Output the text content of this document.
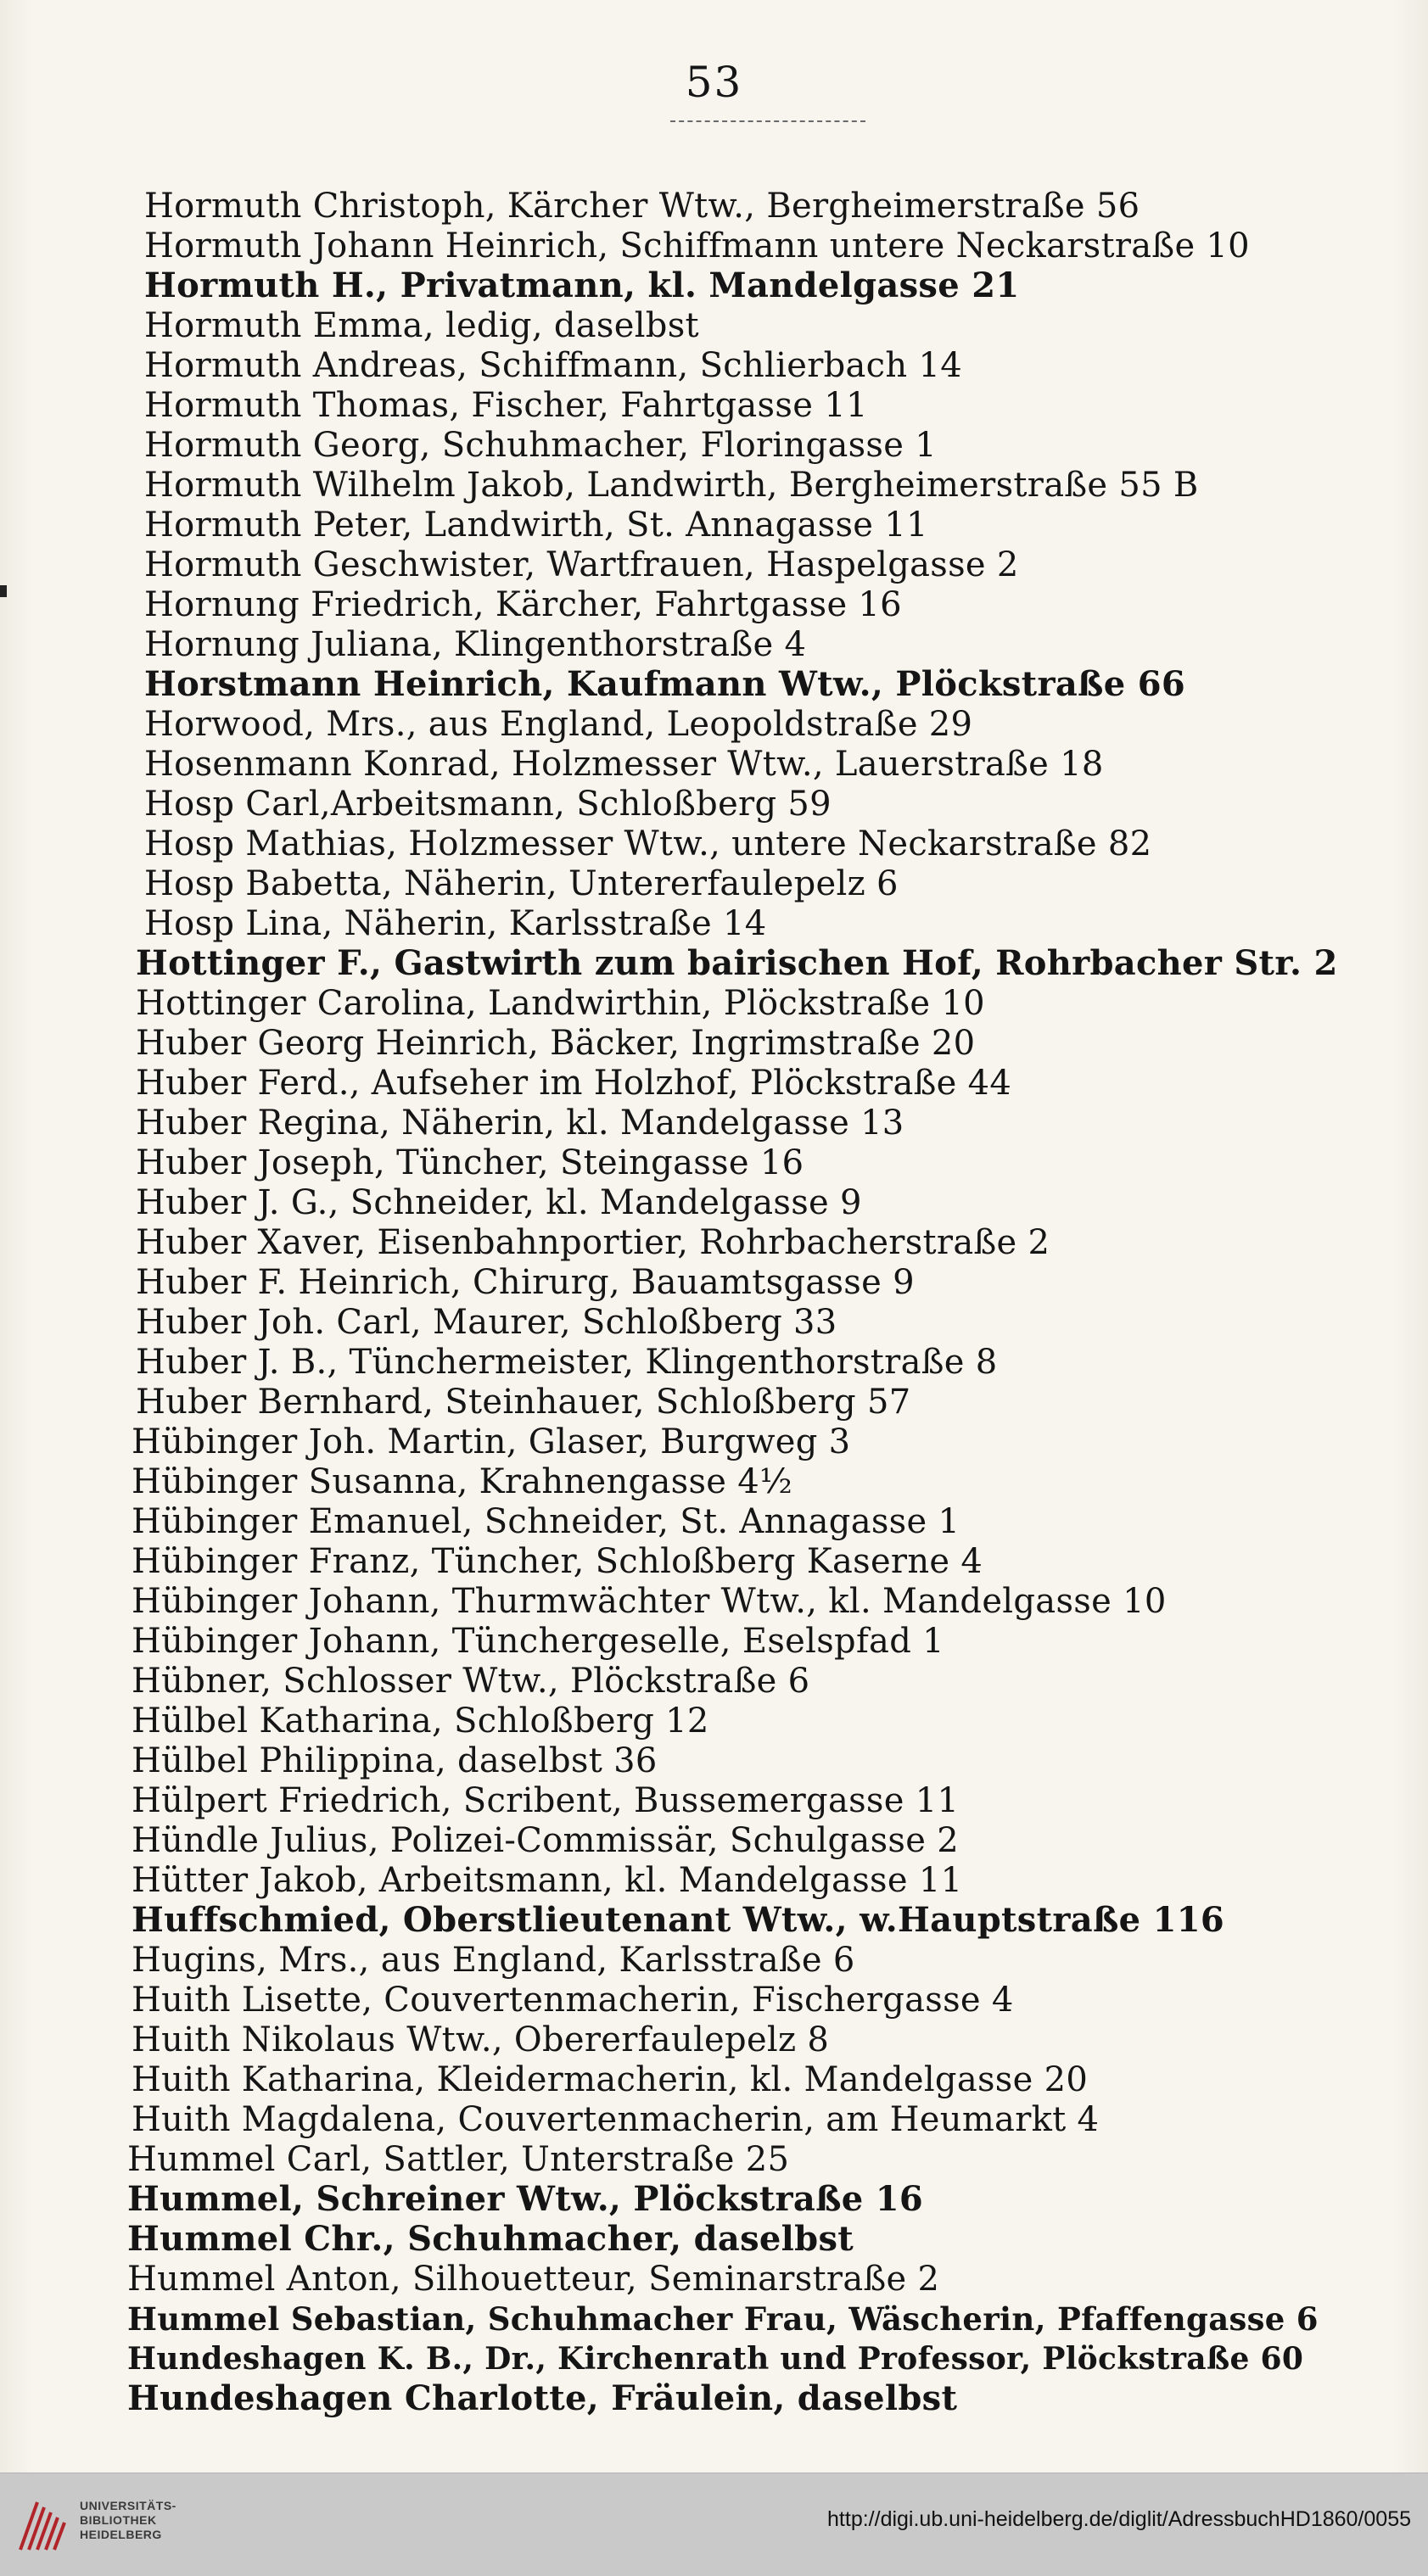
53
Hormuth Christoph, Kärcher Wtw., Bergheimerstraße 56
Hormuth Johann Heinrich, Schiffmann untere Neckarstraße 10
Hormuth H., Privatmann, kl. Mandelgasse 21
Hormuth Emma, ledig, daselbst
Hormuth Andreas, Schiffmann, Schlierbach 14
Hormuth Thomas, Fischer, Fahrtgasse 11
Hormuth Georg, Schuhmacher, Floringasse 1
Hormuth Wilhelm Jakob, Landwirth, Bergheimerstraße 55 B
Hormuth Peter, Landwirth, St. Annagasse 11
Hormuth Geschwister, Wartfrauen, Haspelgasse 2
Hornung Friedrich, Kärcher, Fahrtgasse 16
Hornung Juliana, Klingenthorstraße 4
Horstmann Heinrich, Kaufmann Wtw., Plöckstraße 66
Horwood, Mrs., aus England, Leopoldstraße 29
Hosenmann Konrad, Holzmesser Wtw., Lauerstraße 18
Hosp Carl,Arbeitsmann, Schloßberg 59
Hosp Mathias, Holzmesser Wtw., untere Neckarstraße 82
Hosp Babetta, Näherin, Untererfaulepelz 6
Hosp Lina, Näherin, Karlsstraße 14
Hottinger F., Gastwirth zum bairischen Hof, Rohrbacher Str. 2
Hottinger Carolina, Landwirthin, Plöckstraße 10
Huber Georg Heinrich, Bäcker, Ingrimstraße 20
Huber Ferd., Aufseher im Holzhof, Plöckstraße 44
Huber Regina, Näherin, kl. Mandelgasse 13
Huber Joseph, Tüncher, Steingasse 16
Huber J. G., Schneider, kl. Mandelgasse 9
Huber Xaver, Eisenbahnportier, Rohrbacherstraße 2
Huber F. Heinrich, Chirurg, Bauamtsgasse 9
Huber Joh. Carl, Maurer, Schloßberg 33
Huber J. B., Tünchermeister, Klingenthorstraße 8
Huber Bernhard, Steinhauer, Schloßberg 57
Hübinger Joh. Martin, Glaser, Burgweg 3
Hübinger Susanna, Krahnengasse 4½
Hübinger Emanuel, Schneider, St. Annagasse 1
Hübinger Franz, Tüncher, Schloßberg Kaserne 4
Hübinger Johann, Thurmwächter Wtw., kl. Mandelgasse 10
Hübinger Johann, Tünchergeselle, Eselspfad 1
Hübner, Schlosser Wtw., Plöckstraße 6
Hülbel Katharina, Schloßberg 12
Hülbel Philippina, daselbst 36
Hülpert Friedrich, Scribent, Bussemergasse 11
Hündle Julius, Polizei-Commissär, Schulgasse 2
Hütter Jakob, Arbeitsmann, kl. Mandelgasse 11
Huffschmied, Oberstlieutenant Wtw., w.Hauptstraße 116
Hugins, Mrs., aus England, Karlsstraße 6
Huith Lisette, Couvertenmacherin, Fischergasse 4
Huith Nikolaus Wtw., Obererfaulepelz 8
Huith Katharina, Kleidermacherin, kl. Mandelgasse 20
Huith Magdalena, Couvertenmacherin, am Heumarkt 4
Hummel Carl, Sattler, Unterstraße 25
Hummel, Schreiner Wtw., Plöckstraße 16
Hummel Chr., Schuhmacher, daselbst
Hummel Anton, Silhouetteur, Seminarstraße 2
Hummel Sebastian, Schuhmacher Frau, Wäscherin, Pfaffengasse 6
Hundeshagen K. B., Dr., Kirchenrath und Professor, Plöckstraße 60
Hundeshagen Charlotte, Fräulein, daselbst
UNIVERSITÄTS-
BIBLIOTHEK
HEIDELBERG
http://digi.ub.uni-heidelberg.de/diglit/AdressbuchHD1860/0055
